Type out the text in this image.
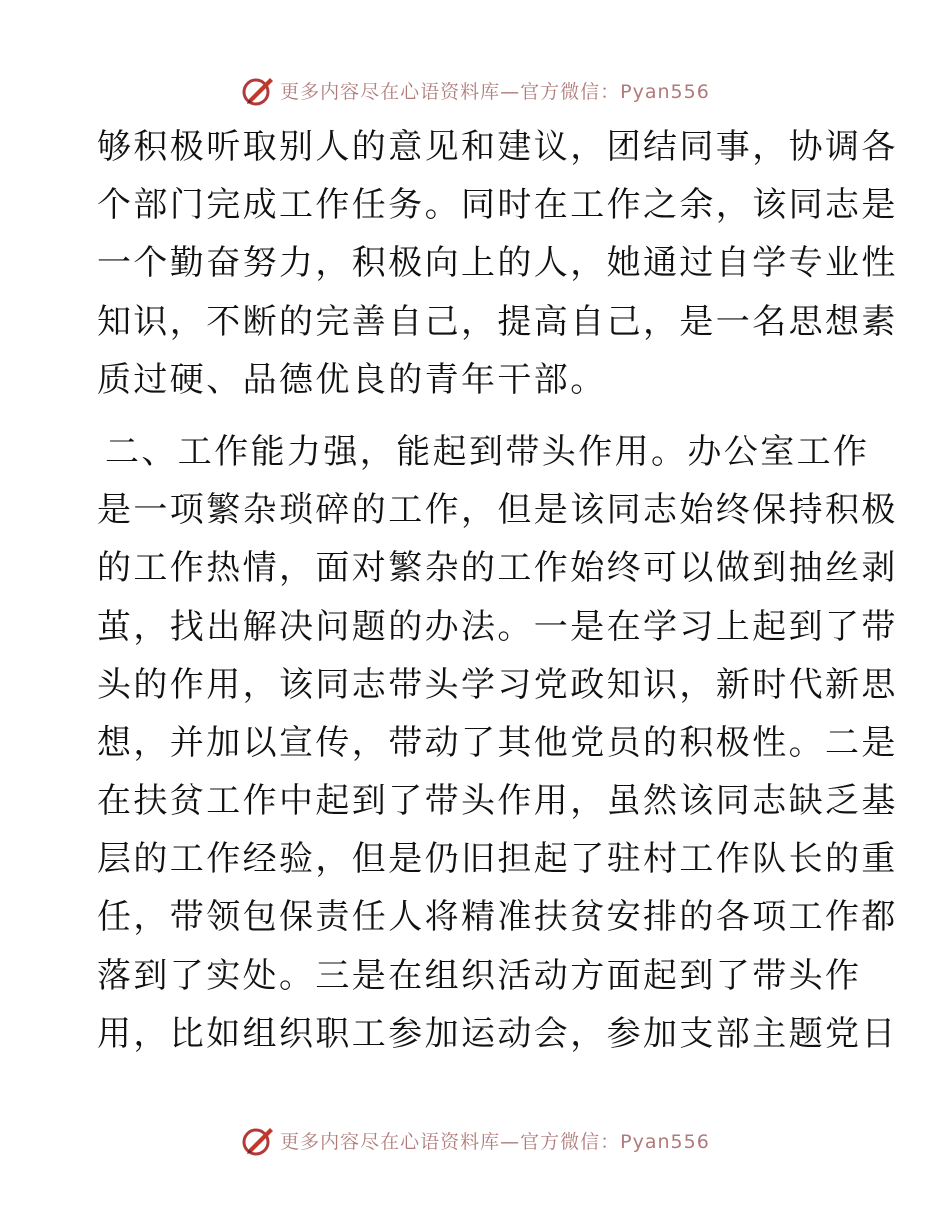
更多内容尽在心语资料库—官方微信：Pyan556
够积极听取别人的意见和建议，团结同事，协调各
个部门完成工作任务。同时在工作之余，该同志是
一个勤奋努力，积极向上的人，她通过自学专业性
知识，不断的完善自己，提高自己，是一名思想素
质过硬、品德优良的青年干部。
二、工作能力强，能起到带头作用。办公室工作
是一项繁杂琐碎的工作，但是该同志始终保持积极
的工作热情，面对繁杂的工作始终可以做到抽丝剥
茧，找出解决问题的办法。一是在学习上起到了带
头的作用，该同志带头学习党政知识，新时代新思
想，并加以宣传，带动了其他党员的积极性。二是
在扶贫工作中起到了带头作用，虽然该同志缺乏基
层的工作经验，但是仍旧担起了驻村工作队长的重
任，带领包保责任人将精准扶贫安排的各项工作都
落到了实处。三是在组织活动方面起到了带头作
用，比如组织职工参加运动会，参加支部主题党日
更多内容尽在心语资料库—官方微信：Pyan556
